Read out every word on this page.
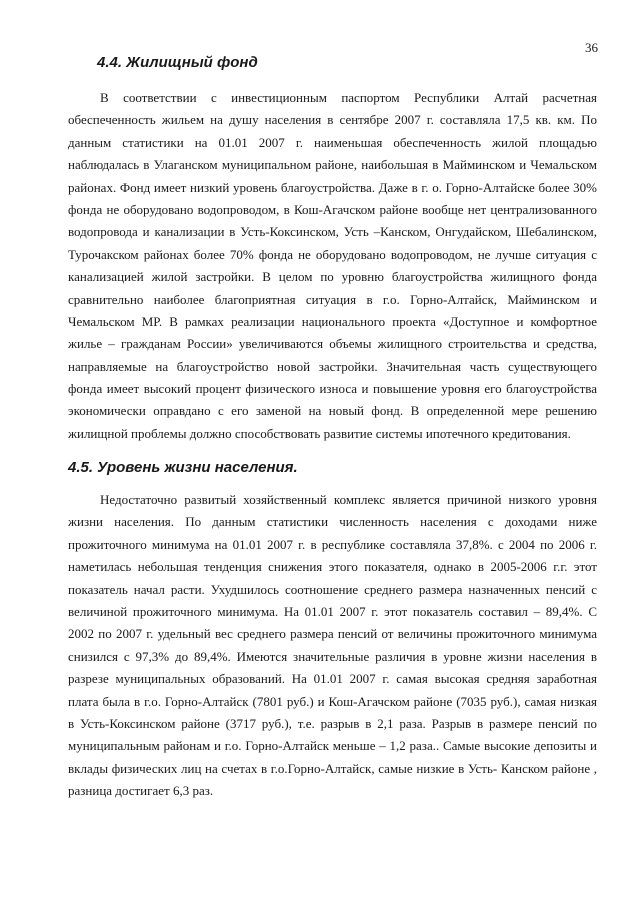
36
4.4. Жилищный фонд
В соответствии с инвестиционным паспортом Республики Алтай расчетная
обеспеченность жильем на душу населения в сентябре 2007 г. составляла 17,5 кв. км. По
данным статистики на 01.01 2007 г. наименьшая обеспеченность жилой площадью
наблюдалась в Улаганском муниципальном районе, наибольшая в Майминском и Чемальском
районах. Фонд имеет низкий уровень благоустройства. Даже в г. о. Горно-Алтайске более 30%
фонда не оборудовано водопроводом, в Кош-Агачском районе вообще нет централизованного
водопровода и канализации в Усть-Коксинском, Усть –Канском, Онгудайском, Шебалинском,
Турочакском районах более 70% фонда не оборудовано водопроводом, не лучше ситуация с
канализацией жилой застройки. В целом по уровню благоустройства жилищного фонда
сравнительно наиболее благоприятная ситуация в г.о. Горно-Алтайск, Майминском и
Чемальском МР. В рамках реализации национального проекта «Доступное и комфортное
жилье – гражданам России» увеличиваются объемы жилищного строительства и средства,
направляемые на благоустройство новой застройки. Значительная часть существующего
фонда имеет высокий процент физического износа и повышение уровня его благоустройства
экономически оправдано с его заменой на новый фонд. В определенной мере решению
жилищной проблемы должно способствовать развитие системы ипотечного кредитования.
4.5. Уровень жизни населения.
Недостаточно развитый хозяйственный комплекс является причиной низкого уровня
жизни населения. По данным статистики численность населения с доходами ниже
прожиточного минимума на 01.01 2007 г. в республике составляла 37,8%. с 2004 по 2006 г.
наметилась небольшая тенденция снижения этого показателя, однако в 2005-2006 г.г. этот
показатель начал расти. Ухудшилось соотношение среднего размера назначенных пенсий с
величиной прожиточного минимума. На 01.01 2007 г. этот показатель составил – 89,4%. С
2002 по 2007 г. удельный вес среднего размера пенсий от величины прожиточного минимума
снизился с 97,3% до 89,4%. Имеются значительные различия в уровне жизни населения в
разрезе муниципальных образований. На 01.01 2007 г. самая высокая средняя заработная
плата была в г.о. Горно-Алтайск (7801 руб.) и Кош-Агачском районе (7035 руб.), самая низкая
в Усть-Коксинском районе (3717 руб.), т.е. разрыв в 2,1 раза. Разрыв в размере пенсий по
муниципальным районам и г.о. Горно-Алтайск меньше – 1,2 раза.. Самые высокие депозиты и
вклады физических лиц на счетах в г.о.Горно-Алтайск, самые низкие в Усть- Канском районе ,
разница достигает 6,3 раз.
